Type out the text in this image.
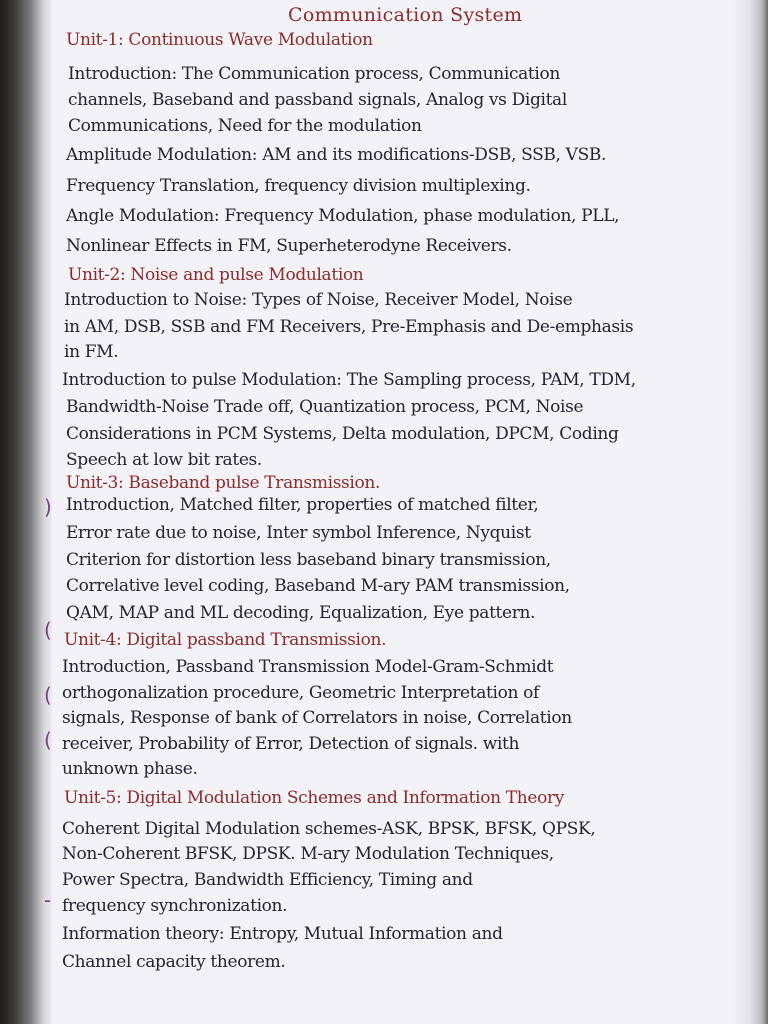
)
(
(
(
-
Communication System
Unit-1: Continuous Wave Modulation
Introduction: The Communication process, Communication
channels, Baseband and passband signals, Analog vs Digital
Communications, Need for the modulation
Amplitude Modulation: AM and its modifications-DSB, SSB, VSB.
Frequency Translation, frequency division multiplexing.
Angle Modulation: Frequency Modulation, phase modulation, PLL,
Nonlinear Effects in FM, Superheterodyne Receivers.
Unit-2: Noise and pulse Modulation
Introduction to Noise: Types of Noise, Receiver Model, Noise
in AM, DSB, SSB and FM Receivers, Pre-Emphasis and De-emphasis
in FM.
Introduction to pulse Modulation: The Sampling process, PAM, TDM,
Bandwidth-Noise Trade off, Quantization process, PCM, Noise
Considerations in PCM Systems, Delta modulation, DPCM, Coding
Speech at low bit rates.
Unit-3: Baseband pulse Transmission.
Introduction, Matched filter, properties of matched filter,
Error rate due to noise, Inter symbol Inference, Nyquist
Criterion for distortion less baseband binary transmission,
Correlative level coding, Baseband M-ary PAM transmission,
QAM, MAP and ML decoding, Equalization, Eye pattern.
Unit-4: Digital passband Transmission.
Introduction, Passband Transmission Model-Gram-Schmidt
orthogonalization procedure, Geometric Interpretation of
signals, Response of bank of Correlators in noise, Correlation
receiver, Probability of Error, Detection of signals. with
unknown phase.
Unit-5: Digital Modulation Schemes and Information Theory
Coherent Digital Modulation schemes-ASK, BPSK, BFSK, QPSK,
Non-Coherent BFSK, DPSK. M-ary Modulation Techniques,
Power Spectra, Bandwidth Efficiency, Timing and
frequency synchronization.
Information theory: Entropy, Mutual Information and
Channel capacity theorem.
